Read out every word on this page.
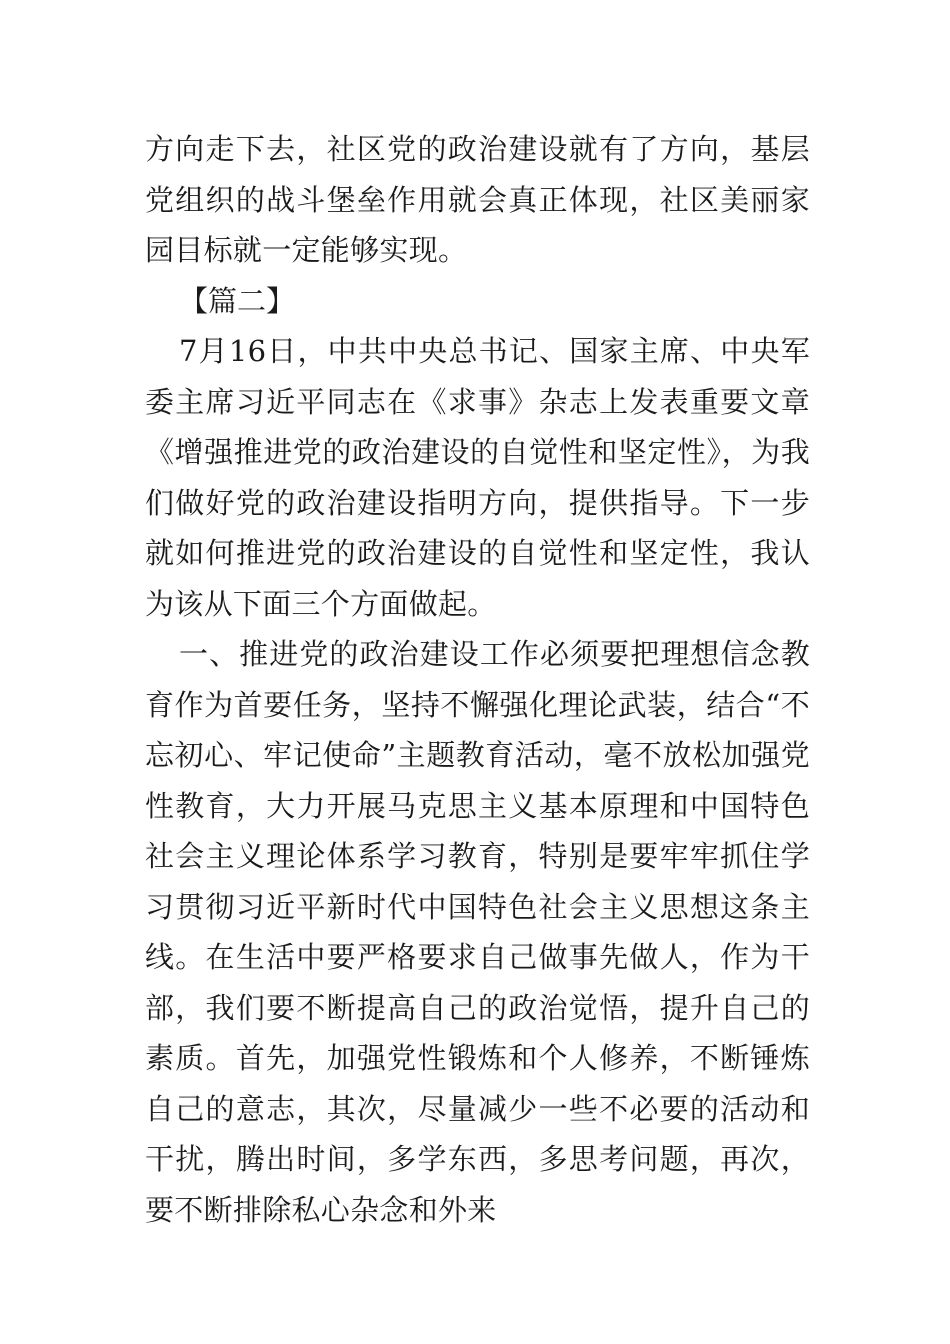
方向走下去，社区党的政治建设就有了方向，基层党组织的战斗堡垒作用就会真正体现，社区美丽家园目标就一定能够实现。

【篇二】

7月16日，中共中央总书记、国家主席、中央军委主席习近平同志在《求事》杂志上发表重要文章《增强推进党的政治建设的自觉性和坚定性》，为我们做好党的政治建设指明方向，提供指导。下一步就如何推进党的政治建设的自觉性和坚定性，我认为该从下面三个方面做起。

一、推进党的政治建设工作必须要把理想信念教育作为首要任务，坚持不懈强化理论武装，结合“不忘初心、牢记使命”主题教育活动，毫不放松加强党性教育，大力开展马克思主义基本原理和中国特色社会主义理论体系学习教育，特别是要牢牢抓住学习贯彻习近平新时代中国特色社会主义思想这条主线。在生活中要严格要求自己做事先做人，作为干部，我们要不断提高自己的政治觉悟，提升自己的素质。首先，加强党性锻炼和个人修养，不断锤炼自己的意志，其次，尽量减少一些不必要的活动和干扰，腾出时间，多学东西，多思考问题，再次，要不断排除私心杂念和外来
